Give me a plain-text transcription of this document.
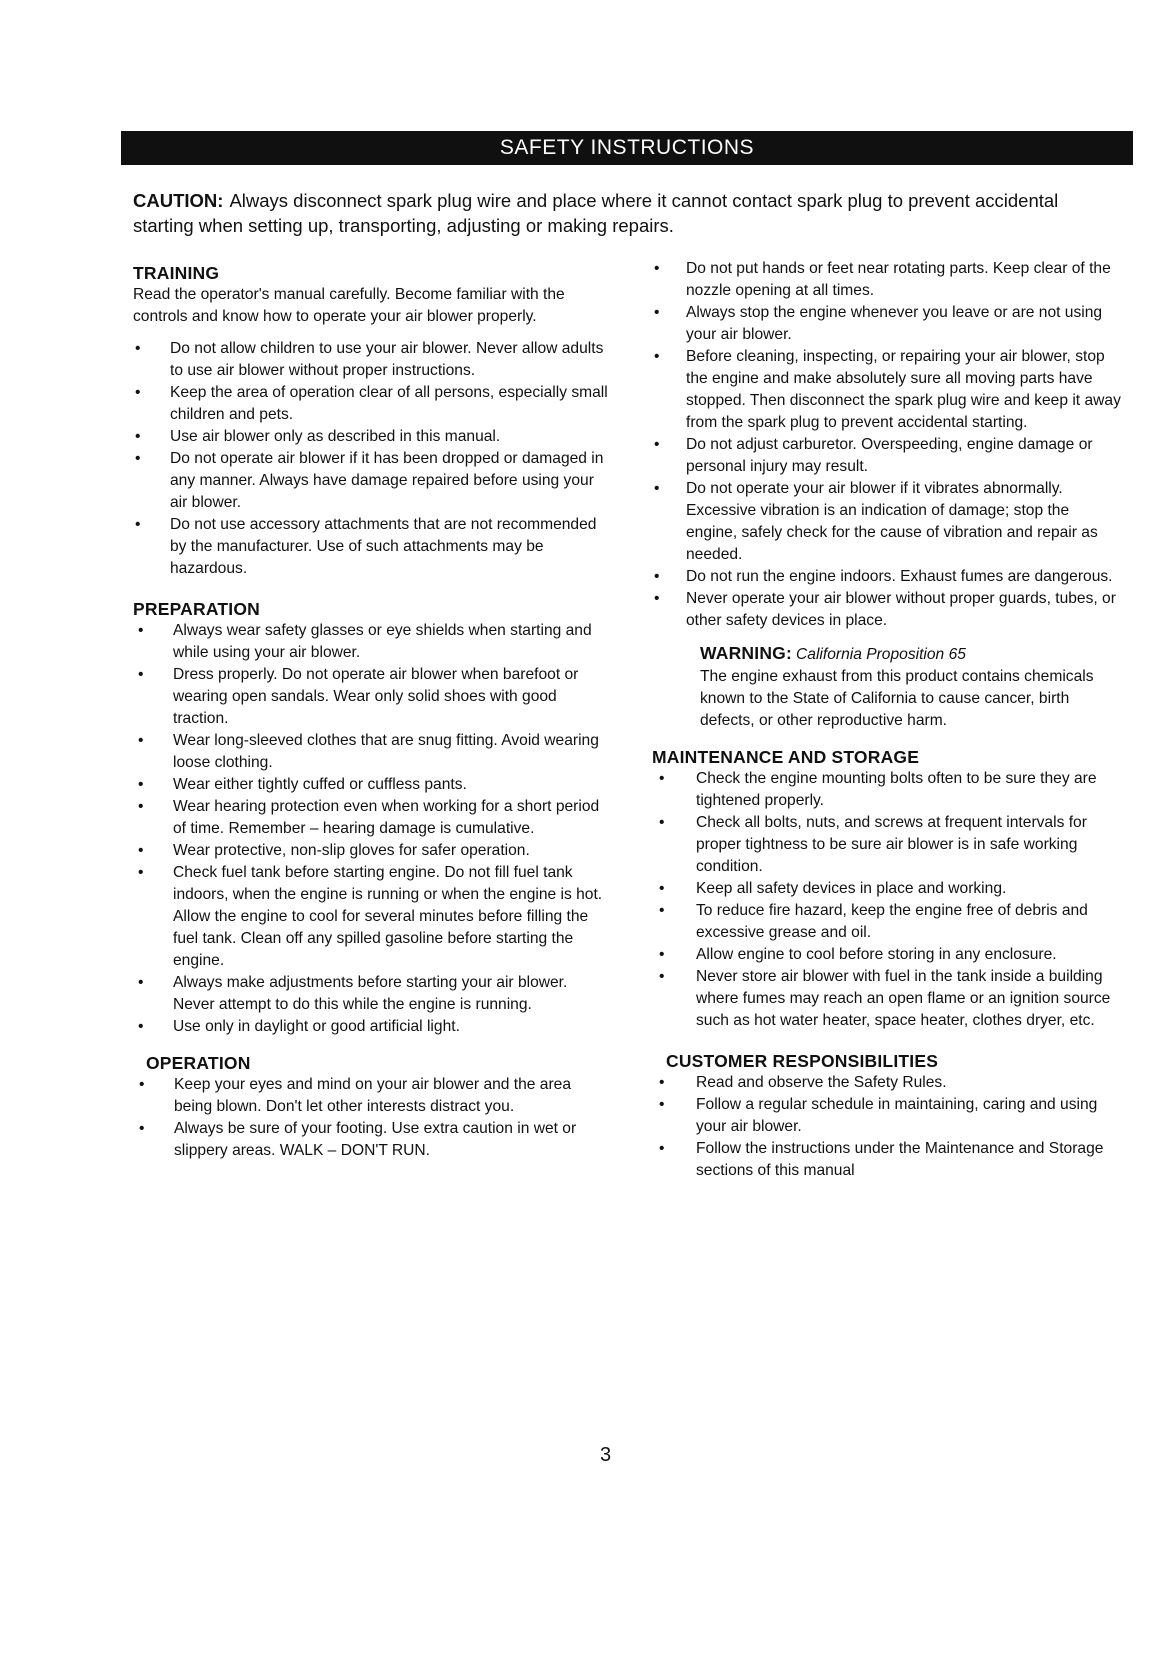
SAFETY INSTRUCTIONS
CAUTION: Always disconnect spark plug wire and place where it cannot contact spark plug to prevent accidental starting when setting up, transporting, adjusting or making repairs.
TRAINING

Read the operator's manual carefully. Become familiar with the controls and know how to operate your air blower properly.

• Do not allow children to use your air blower. Never allow adults to use air blower without proper instructions.
• Keep the area of operation clear of all persons, especially small children and pets.
• Use air blower only as described in this manual.
• Do not operate air blower if it has been dropped or damaged in any manner. Always have damage repaired before using your air blower.
• Do not use accessory attachments that are not recommended by the manufacturer. Use of such attachments may be hazardous.
PREPARATION
• Always wear safety glasses or eye shields when starting and while using your air blower.
• Dress properly. Do not operate air blower when barefoot or wearing open sandals. Wear only solid shoes with good traction.
• Wear long-sleeved clothes that are snug fitting. Avoid wearing loose clothing.
• Wear either tightly cuffed or cuffless pants.
• Wear hearing protection even when working for a short period of time. Remember – hearing damage is cumulative.
• Wear protective, non-slip gloves for safer operation.
• Check fuel tank before starting engine. Do not fill fuel tank indoors, when the engine is running or when the engine is hot. Allow the engine to cool for several minutes before filling the fuel tank. Clean off any spilled gasoline before starting the engine.
• Always make adjustments before starting your air blower. Never attempt to do this while the engine is running.
• Use only in daylight or good artificial light.
OPERATION
• Keep your eyes and mind on your air blower and the area being blown. Don't let other interests distract you.
• Always be sure of your footing. Use extra caution in wet or slippery areas. WALK – DON'T RUN.
• Do not put hands or feet near rotating parts. Keep clear of the nozzle opening at all times.
• Always stop the engine whenever you leave or are not using your air blower.
• Before cleaning, inspecting, or repairing your air blower, stop the engine and make absolutely sure all moving parts have stopped. Then disconnect the spark plug wire and keep it away from the spark plug to prevent accidental starting.
• Do not adjust carburetor. Overspeeding, engine damage or personal injury may result.
• Do not operate your air blower if it vibrates abnormally. Excessive vibration is an indication of damage; stop the engine, safely check for the cause of vibration and repair as needed.
• Do not run the engine indoors. Exhaust fumes are dangerous.
• Never operate your air blower without proper guards, tubes, or other safety devices in place.
WARNING: California Proposition 65

The engine exhaust from this product contains chemicals known to the State of California to cause cancer, birth defects, or other reproductive harm.

MAINTENANCE AND STORAGE
• Check the engine mounting bolts often to be sure they are tightened properly.
• Check all bolts, nuts, and screws at frequent intervals for proper tightness to be sure air blower is in safe working condition.
• Keep all safety devices in place and working.
• To reduce fire hazard, keep the engine free of debris and excessive grease and oil.
• Allow engine to cool before storing in any enclosure.
• Never store air blower with fuel in the tank inside a building where fumes may reach an open flame or an ignition source such as hot water heater, space heater, clothes dryer, etc.
CUSTOMER RESPONSIBILITIES
• Read and observe the Safety Rules.
• Follow a regular schedule in maintaining, caring and using your air blower.
• Follow the instructions under the Maintenance and Storage sections of this manual
3
